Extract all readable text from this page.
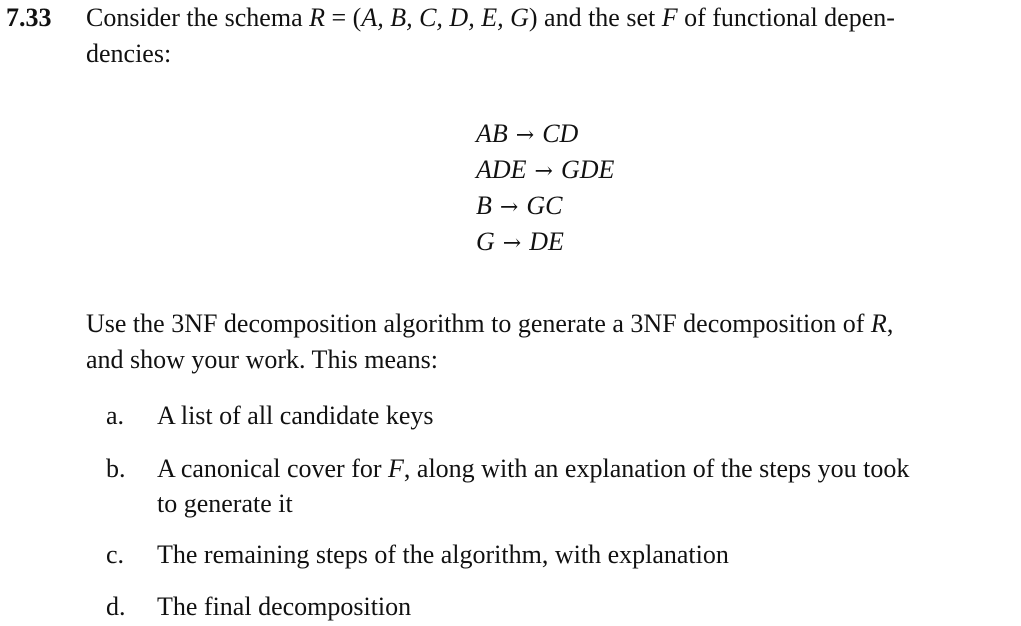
7.33 Consider the schema R = (A, B, C, D, E, G) and the set F of functional depen-
dencies:
AB → CD
ADE → GDE
B → GC
G → DE
Use the 3NF decomposition algorithm to generate a 3NF decomposition of R,
and show your work. This means:
a.	A list of all candidate keys
b.	A canonical cover for F, along with an explanation of the steps you took
to generate it
c.	The remaining steps of the algorithm, with explanation
d.	The final decomposition
